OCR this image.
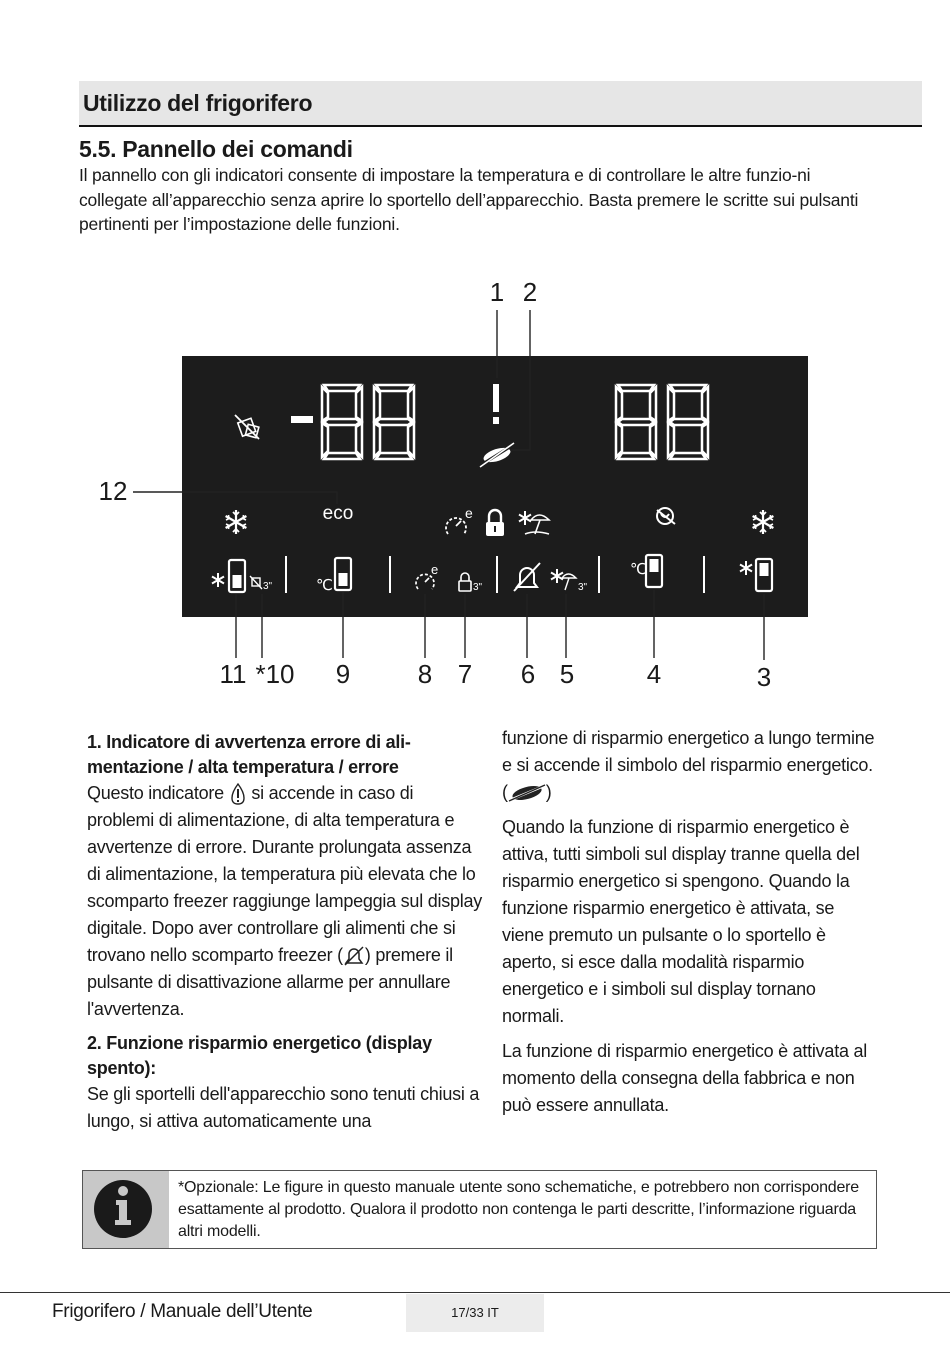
Utilizzo del frigorifero
5.5. Pannello dei comandi
Il pannello con gli indicatori consente di impostare la temperatura e di controllare le altre funzio-ni collegate all’apparecchio senza aprire lo sportello dell’apparecchio. Basta premere le scritte sui pulsanti pertinenti per l’impostazione delle funzioni.
-88
eco	e
3"	℃
e
3"	3"
℃
1 2
12
11 *10 9	8 7 6 5	4	3

1. Indicatore di avvertenza errore di ali-mentazione / alta temperatura / errore

Questo indicatore si accende in caso di problemi di alimentazione, di alta temperatura e avvertenze di errore. Durante prolungata assenza di alimentazione, la temperatura più elevata che lo scomparto freezer raggiunge lampeggia sul display digitale. Dopo aver controllare gli alimenti che si trovano nello scomparto freezer ( ) premere il pulsante di disattivazione allarme per annullare l'avvertenza.

2. Funzione risparmio energetico (display spento):

Se gli sportelli dell'apparecchio sono tenuti chiusi a lungo, si attiva automaticamente una

funzione di risparmio energetico a lungo termine e si accende il simbolo del risparmio energetico. ( )

Quando la funzione di risparmio energetico è attiva, tutti simboli sul display tranne quella del risparmio energetico si spengono. Quando la funzione risparmio energetico è attivata, se viene premuto un pulsante o lo sportello è aperto, si esce dalla modalità risparmio energetico e i simboli sul display tornano normali.

La funzione di risparmio energetico è attivata al momento della consegna della fabbrica e non può essere annullata.

*Opzionale: Le figure in questo manuale utente sono schematiche, e potrebbero non corrispondere esattamente al prodotto. Qualora il prodotto non contenga le parti descritte, l’informazione riguarda altri modelli.
Frigorifero / Manuale dell’Utente	17/33 IT
